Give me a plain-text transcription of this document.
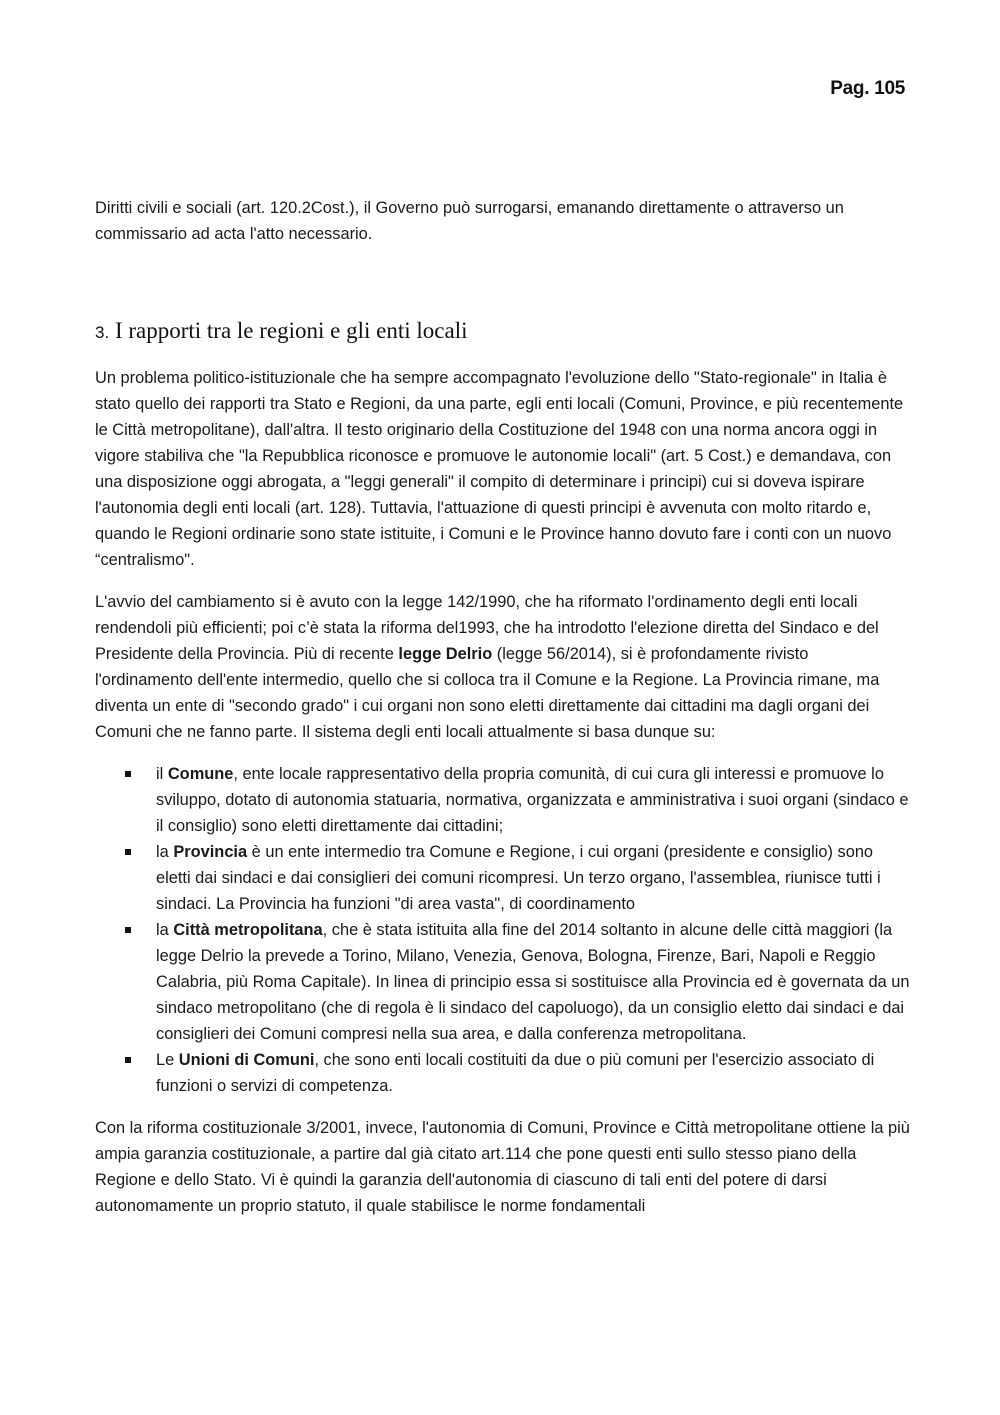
Pag. 105

Diritti civili e sociali (art. 120.2Cost.), il Governo può surrogarsi, emanando direttamente o attraverso un commissario ad acta l'atto necessario.

3. I rapporti tra le regioni e gli enti locali

Un problema politico-istituzionale che ha sempre accompagnato l'evoluzione dello "Stato-regionale" in Italia è stato quello dei rapporti tra Stato e Regioni, da una parte, egli enti locali (Comuni, Province, e più recentemente le Città metropolitane), dall'altra. Il testo originario della Costituzione del 1948 con una norma ancora oggi in vigore stabiliva che "la Repubblica riconosce e promuove le autonomie locali" (art. 5 Cost.) e demandava, con una disposizione oggi abrogata, a "leggi generali" il compito di determinare i principi) cui si doveva ispirare l'autonomia degli enti locali (art. 128). Tuttavia, l'attuazione di questi principi è avvenuta con molto ritardo e, quando le Regioni ordinarie sono state istituite, i Comuni e le Province hanno dovuto fare i conti con un nuovo “centralismo".

L'avvio del cambiamento si è avuto con la legge 142/1990, che ha riformato l'ordinamento degli enti locali rendendoli più efficienti; poi c’è stata la riforma del1993, che ha introdotto l'elezione diretta del Sindaco e del Presidente della Provincia. Più di recente legge Delrio (legge 56/2014), si è profondamente rivisto l'ordinamento dell'ente intermedio, quello che si colloca tra il Comune e la Regione. La Provincia rimane, ma diventa un ente di "secondo grado" i cui organi non sono eletti direttamente dai cittadini ma dagli organi dei Comuni che ne fanno parte. Il sistema degli enti locali attualmente si basa dunque su:

il Comune, ente locale rappresentativo della propria comunità, di cui cura gli interessi e promuove lo sviluppo, dotato di autonomia statuaria, normativa, organizzata e amministrativa i suoi organi (sindaco e il consiglio) sono eletti direttamente dai cittadini;
la Provincia è un ente intermedio tra Comune e Regione, i cui organi (presidente e consiglio) sono eletti dai sindaci e dai consiglieri dei comuni ricompresi. Un terzo organo, l'assemblea, riunisce tutti i sindaci. La Provincia ha funzioni "di area vasta", di coordinamento
la Città metropolitana, che è stata istituita alla fine del 2014 soltanto in alcune delle città maggiori (la legge Delrio la prevede a Torino, Milano, Venezia, Genova, Bologna, Firenze, Bari, Napoli e Reggio Calabria, più Roma Capitale). In linea di principio essa si sostituisce alla Provincia ed è governata da un sindaco metropolitano (che di regola è li sindaco del capoluogo), da un consiglio eletto dai sindaci e dai consiglieri dei Comuni compresi nella sua area, e dalla conferenza metropolitana.
Le Unioni di Comuni, che sono enti locali costituiti da due o più comuni per l'esercizio associato di funzioni o servizi di competenza.

Con la riforma costituzionale 3/2001, invece, l'autonomia di Comuni, Province e Città metropolitane ottiene la più ampia garanzia costituzionale, a partire dal già citato art.114 che pone questi enti sullo stesso piano della Regione e dello Stato. Vi è quindi la garanzia dell'autonomia di ciascuno di tali enti del potere di darsi autonomamente un proprio statuto, il quale stabilisce le norme fondamentali
